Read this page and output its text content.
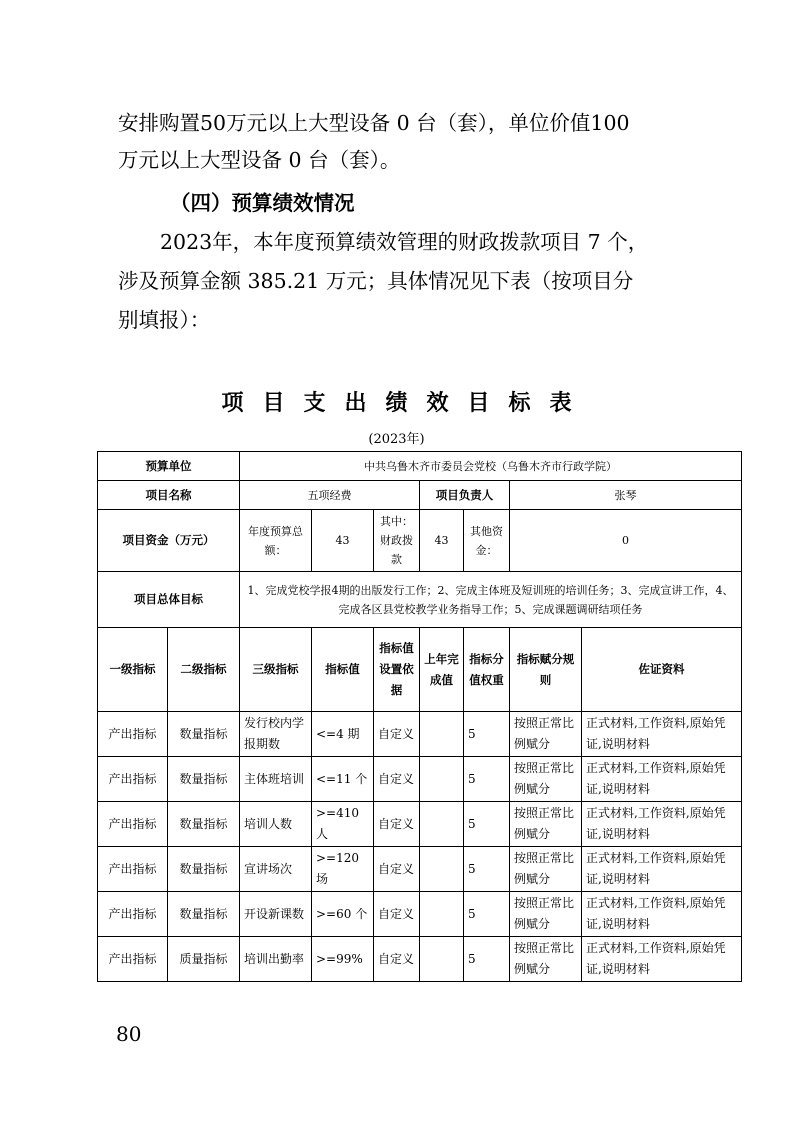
安排购置50万元以上大型设备 0 台（套），单位价值100
万元以上大型设备 0 台（套）。
（四）预算绩效情况
2023年，本年度预算绩效管理的财政拨款项目 7 个，
涉及预算金额 385.21 万元；具体情况见下表（按项目分
别填报）：
项目支出绩效目标表
(2023年)
预算单位		中共乌鲁木齐市委员会党校（乌鲁木齐市行政学院）						
项目名称		五项经费			项目负责人		张琴	
项目资金（万元）		年度预算总额：	43	其中：财政拨款	43	其他资金：	0	
项目总体目标		1、完成党校学报4期的出版发行工作；2、完成主体班及短训班的培训任务；3、完成宣讲工作，4、完成各区县党校教学业务指导工作；5、完成课题调研结项任务						
一级指标	二级指标	三级指标	指标值	指标值设置依据	上年完成值	指标分值权重	指标赋分规则	佐证资料
产出指标	数量指标	发行校内学报期数	<=4 期	自定义		5	按照正常比例赋分	正式材料,工作资料,原始凭证,说明材料
产出指标	数量指标	主体班培训	<=11 个	自定义		5	按照正常比例赋分	正式材料,工作资料,原始凭证,说明材料
产出指标	数量指标	培训人数	>=410 人	自定义		5	按照正常比例赋分	正式材料,工作资料,原始凭证,说明材料
产出指标	数量指标	宣讲场次	>=120 场	自定义		5	按照正常比例赋分	正式材料,工作资料,原始凭证,说明材料
产出指标	数量指标	开设新课数	>=60 个	自定义		5	按照正常比例赋分	正式材料,工作资料,原始凭证,说明材料
产出指标	质量指标	培训出勤率	>=99%	自定义		5	按照正常比例赋分	正式材料,工作资料,原始凭证,说明材料
80
